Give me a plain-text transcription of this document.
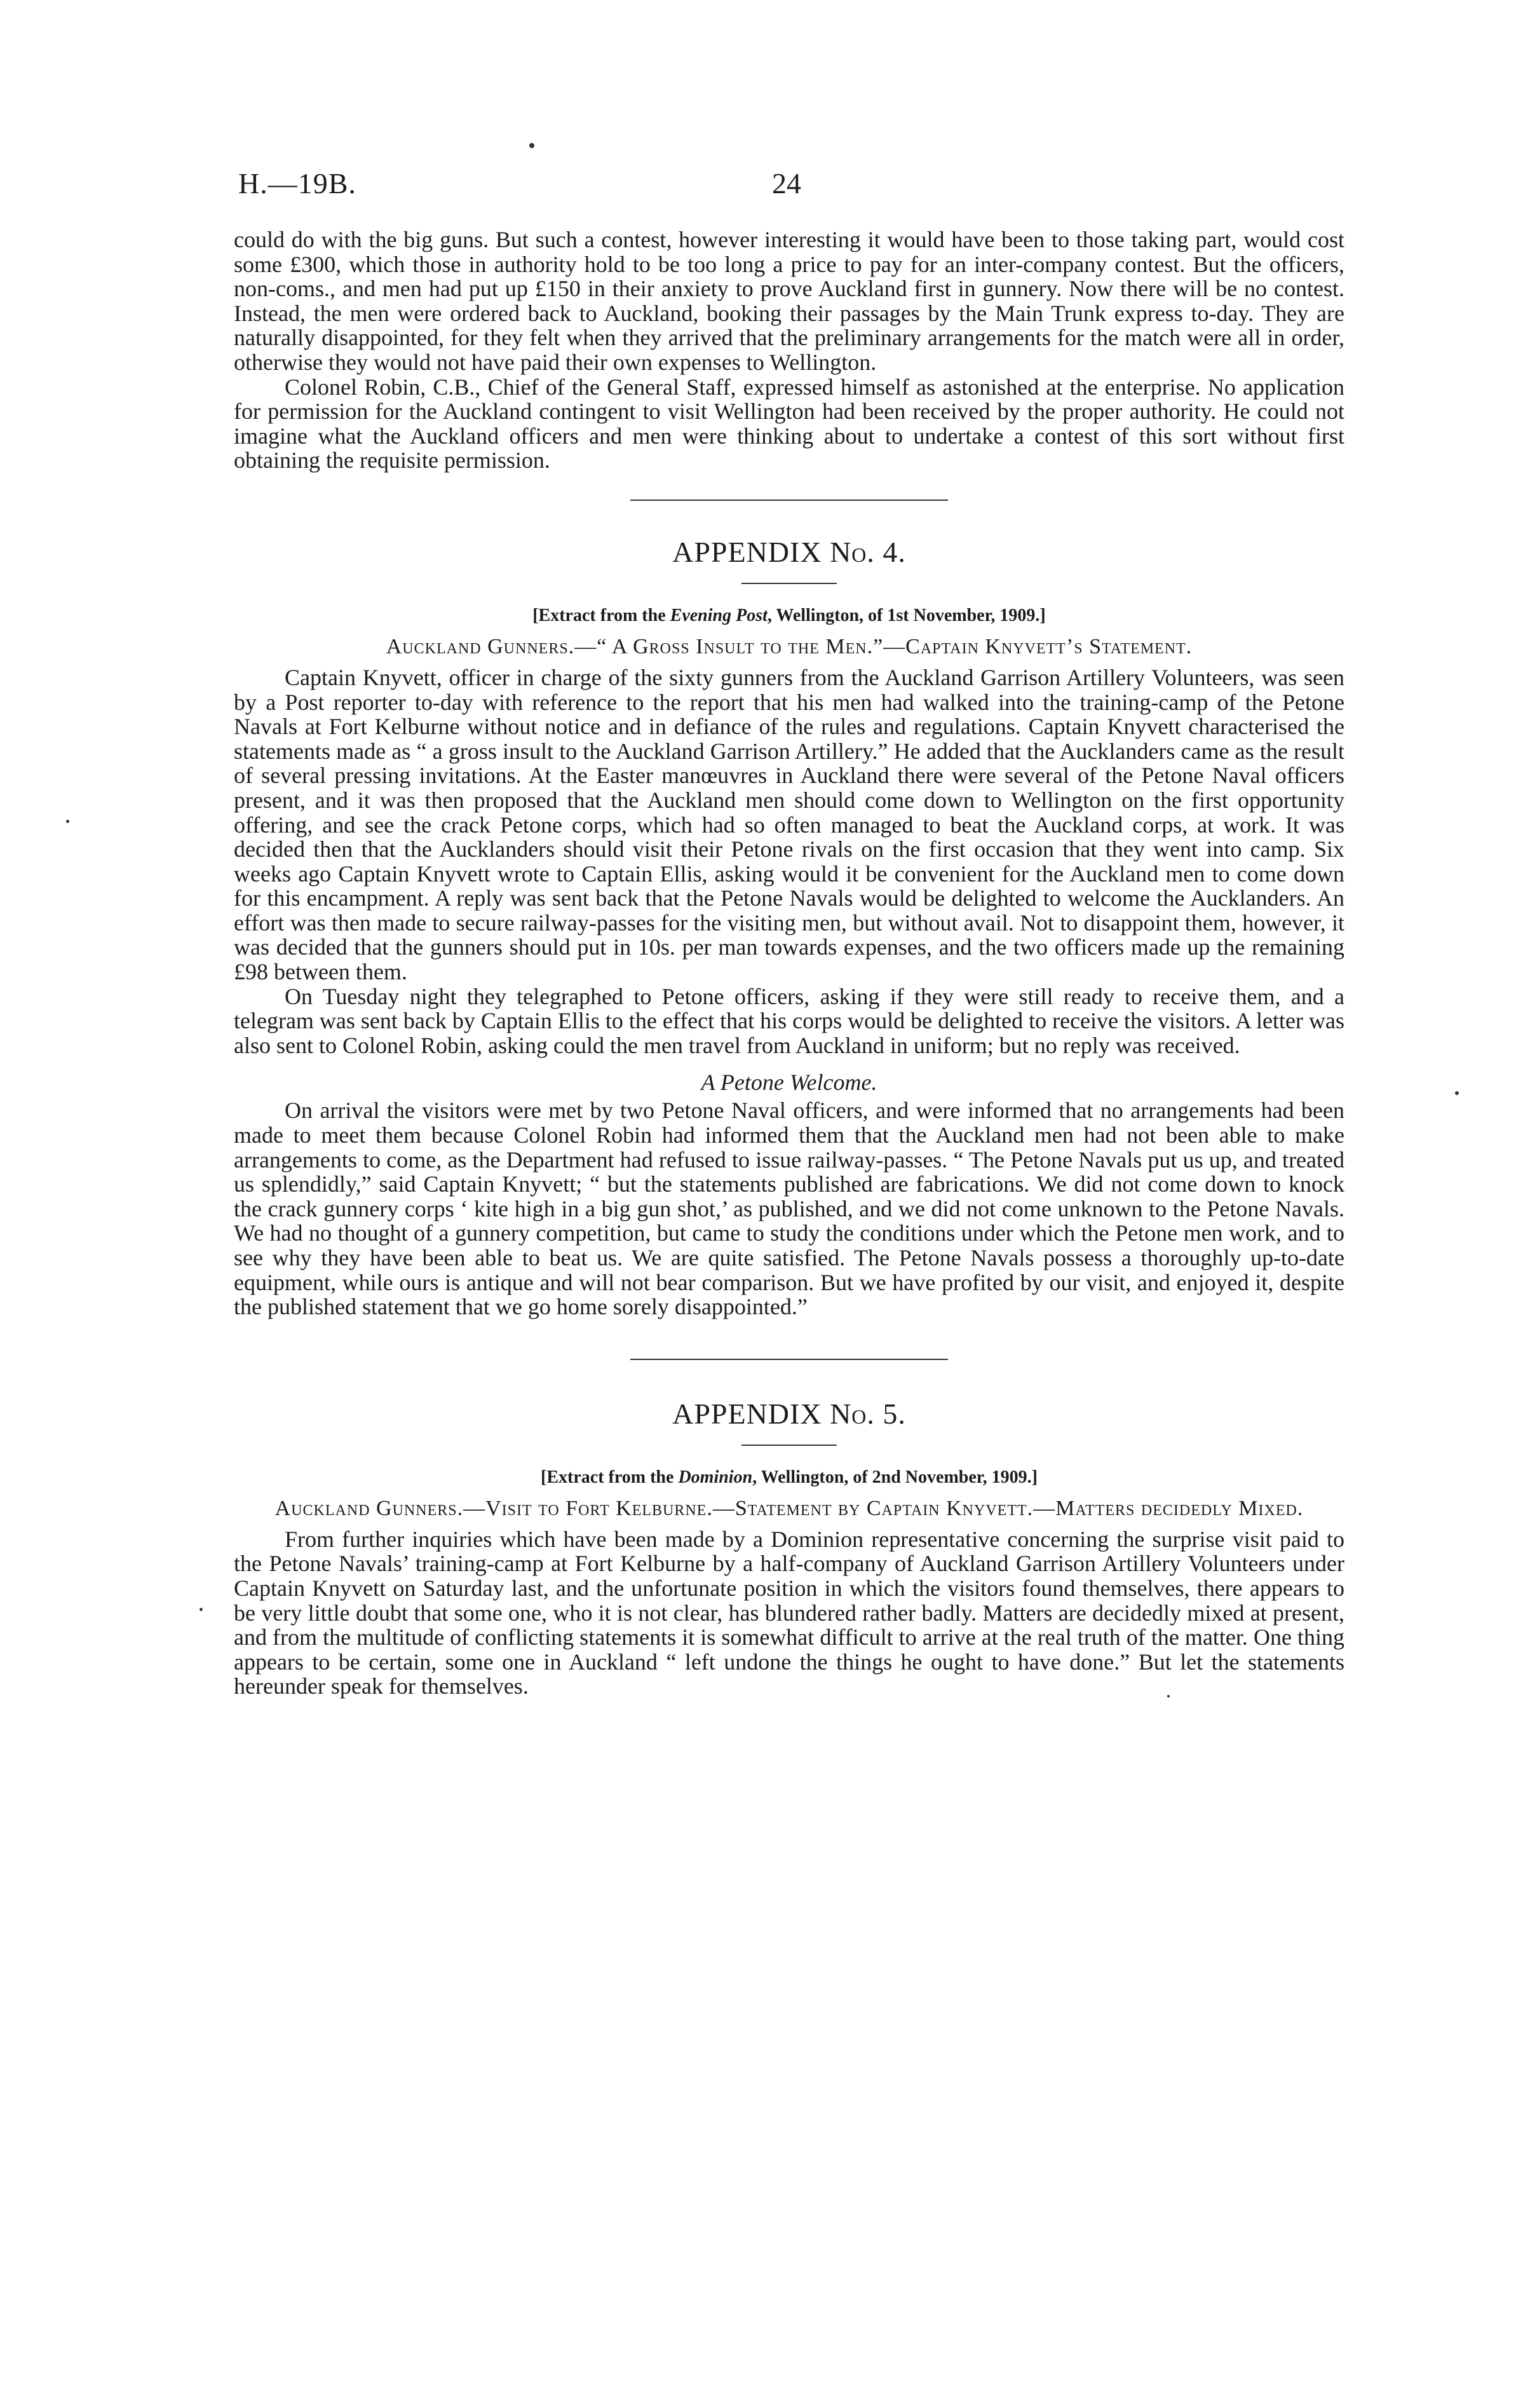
H.—19B.	24

could do with the big guns. But such a contest, however interesting it would have been to those taking part, would cost some £300, which those in authority hold to be too long a price to pay for an inter-company contest. But the officers, non-coms., and men had put up £150 in their anxiety to prove Auckland first in gunnery. Now there will be no contest. Instead, the men were ordered back to Auckland, booking their passages by the Main Trunk express to-day. They are naturally disappointed, for they felt when they arrived that the preliminary arrangements for the match were all in order, otherwise they would not have paid their own expenses to Wellington.

Colonel Robin, C.B., Chief of the General Staff, expressed himself as astonished at the enterprise. No application for permission for the Auckland contingent to visit Wellington had been received by the proper authority. He could not imagine what the Auckland officers and men were thinking about to undertake a contest of this sort without first obtaining the requisite permission.

APPENDIX No. 4.

[Extract from the Evening Post, Wellington, of 1st November, 1909.]

Auckland Gunners.—“ A Gross Insult to the Men.”—Captain Knyvett’s Statement.

Captain Knyvett, officer in charge of the sixty gunners from the Auckland Garrison Artillery Volunteers, was seen by a Post reporter to-day with reference to the report that his men had walked into the training-camp of the Petone Navals at Fort Kelburne without notice and in defiance of the rules and regulations. Captain Knyvett characterised the statements made as “ a gross insult to the Auckland Garrison Artillery.” He added that the Aucklanders came as the result of several pressing invitations. At the Easter manœuvres in Auckland there were several of the Petone Naval officers present, and it was then proposed that the Auckland men should come down to Wellington on the first opportunity offering, and see the crack Petone corps, which had so often managed to beat the Auckland corps, at work. It was decided then that the Aucklanders should visit their Petone rivals on the first occasion that they went into camp. Six weeks ago Captain Knyvett wrote to Captain Ellis, asking would it be convenient for the Auckland men to come down for this encampment. A reply was sent back that the Petone Navals would be delighted to welcome the Aucklanders. An effort was then made to secure railway-passes for the visiting men, but without avail. Not to disappoint them, however, it was decided that the gunners should put in 10s. per man towards expenses, and the two officers made up the remaining £98 between them.

On Tuesday night they telegraphed to Petone officers, asking if they were still ready to receive them, and a telegram was sent back by Captain Ellis to the effect that his corps would be delighted to receive the visitors. A letter was also sent to Colonel Robin, asking could the men travel from Auckland in uniform; but no reply was received.

A Petone Welcome.

On arrival the visitors were met by two Petone Naval officers, and were informed that no arrangements had been made to meet them because Colonel Robin had informed them that the Auckland men had not been able to make arrangements to come, as the Department had refused to issue railway-passes. “ The Petone Navals put us up, and treated us splendidly,” said Captain Knyvett; “ but the statements published are fabrications. We did not come down to knock the crack gunnery corps ‘ kite high in a big gun shot,’ as published, and we did not come unknown to the Petone Navals. We had no thought of a gunnery competition, but came to study the conditions under which the Petone men work, and to see why they have been able to beat us. We are quite satisfied. The Petone Navals possess a thoroughly up-to-date equipment, while ours is antique and will not bear comparison. But we have profited by our visit, and enjoyed it, despite the published statement that we go home sorely disappointed.”

APPENDIX No. 5.

[Extract from the Dominion, Wellington, of 2nd November, 1909.]

Auckland Gunners.—Visit to Fort Kelburne.—Statement by Captain Knyvett.—Matters decidedly Mixed.

From further inquiries which have been made by a Dominion representative concerning the surprise visit paid to the Petone Navals’ training-camp at Fort Kelburne by a half-company of Auckland Garrison Artillery Volunteers under Captain Knyvett on Saturday last, and the unfortunate position in which the visitors found themselves, there appears to be very little doubt that some one, who it is not clear, has blundered rather badly. Matters are decidedly mixed at present, and from the multitude of conflicting statements it is somewhat difficult to arrive at the real truth of the matter. One thing appears to be certain, some one in Auckland “ left undone the things he ought to have done.” But let the statements hereunder speak for themselves.
